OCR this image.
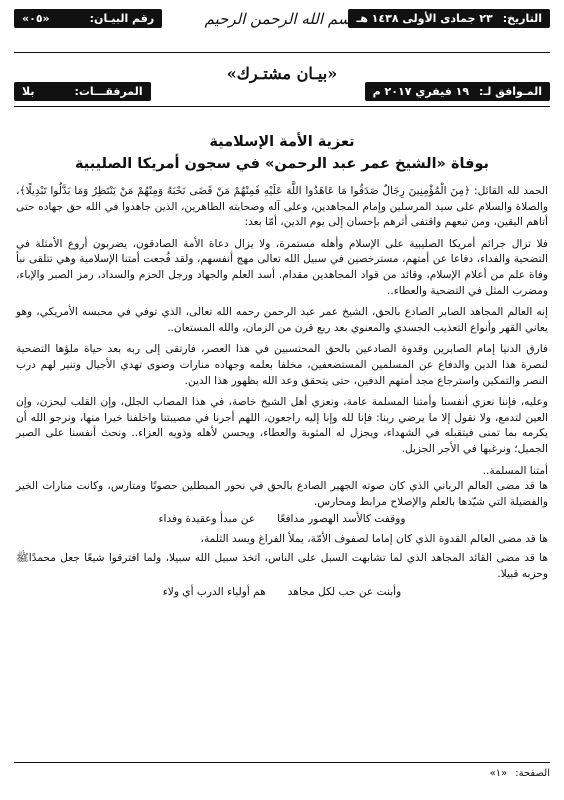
التاريخ:
٢٣ جمادى الأولى ١٤٣٨ هـ
رقم البيـان:
«٠٥»	بسم الله الرحمن الرحيم
«بيـان مشتـرك»
المـوافق لـ:
١٩ فيفري ٢٠١٧ م
المرفقـــات:
بلا
تعزية الأمة الإسلامية
بوفاة «الشيخ عمر عبد الرحمن» في سجون أمريكا الصليبية

الحمد لله القائل: ﴿مِنَ الْمُؤْمِنِينَ رِجَالٌ صَدَقُوا مَا عَاهَدُوا اللَّهَ عَلَيْهِ فَمِنْهُمْ مَنْ قَضَى نَحْبَهُ وَمِنْهُمْ مَنْ يَنْتَظِرُ وَمَا بَدَّلُوا تَبْدِيلًا﴾، والصلاة والسلام على سيد المرسلين وإمام المجاهدين، وعلى آله وصحابته الطاهرين، الذين جاهدوا في الله حق جهاده حتى أتاهم اليقين، ومن تبعهم واقتفى أثرهم بإحسان إلى يوم الدين، أمّا بعد:

فلا تزال جرائم أمريكا الصليبية على الإسلام وأهله مستمرة، ولا يزال دعاة الأمة الصادقون، يضربون أروع الأمثلة في التضحية والفداء، دفاعا عن أمتهم، مسترخصين في سبيل الله تعالى مهج أنفسهم، ولقد فُجعت أمتنا الإسلامية وهي تتلقى نبأ وفاة علم من أعلام الإسلام، وقائد من قواد المجاهدين مقدام. أسد العلم والجهاد ورجل الحزم والسداد، رمز الصبر والإباء، ومضرب المثل في التضحية والعطاء..

إنه العالم المجاهد الصابر الصادع بالحق، الشيخ عمر عبد الرحمن رحمه الله تعالى، الذي توفي في محبسه الأمريكي، وهو يعاني القهر وأنواع التعذيب الجسدي والمعنوي بعد ربع قرن من الزمان، والله المستعان..

فارق الدنيا إمام الصابرين وقدوة الصادعين بالحق المحتسبين في هذا العصر، فارتقى إلى ربه بعد حياة ملؤها التضحية لنصرة هذا الدين والدفاع عن المسلمين المستضعفين، مخلفا بعلمه وجهاده منارات وصوى تهدي الأجيال وتنير لهم درب النصر والتمكين واسترجاع مجد أمتهم الدفين، حتى يتحقق وعد الله بظهور هذا الدين.

وعليه، فإننا نعزي أنفسنا وأمتنا المسلمة عامة، ونعزي أهل الشيخ خاصة، في هذا المصاب الجلل، وإن القلب ليحزن، وإن العين لتدمع، ولا نقول إلا ما يرضي ربنا: فإنا لله وإنا إليه راجعون، اللهم أجرنا في مصيبتنا واخلفنا خيرا منها، ونرجو الله أن يكرمه بما تمنى فيتقبله في الشهداء، ويجزل له المثوبة والعطاء، ويحسن لأهله وذويه العزاء.. ونحث أنفسنا على الصبر الجميل؛ ونرغبها في الأجر الجزيل.

أمتنا المسلمة..

ها قد مضى العالم الرباني الذي كان صوته الجهير الصادع بالحق في نحور المبطلين حصونًا ومتارس، وكانت منارات الخير والفضيلة التي شيّدها بالعلم والإصلاح مرابط ومحارس.

ووقفت كالأسد الهصور مدافعًا
عن مبدأ وعقيدة وفداء

ها قد مضى العالم القدوة الذي كان إماما لصفوف الأمّة، يملأ الفراغ ويسد الثلمة،

ها قد مضى القائد المجاهد الذي لما تشابهت السبل على الناس، اتخذ سبيل الله سبيلا، ولما افترقوا شيعًا جعل محمدًاﷺ وحزبه قبيلا.

وأبنت عن حب لكل مجاهد
هم أولياء الدرب أي ولاء
الصفحة:
«١»
